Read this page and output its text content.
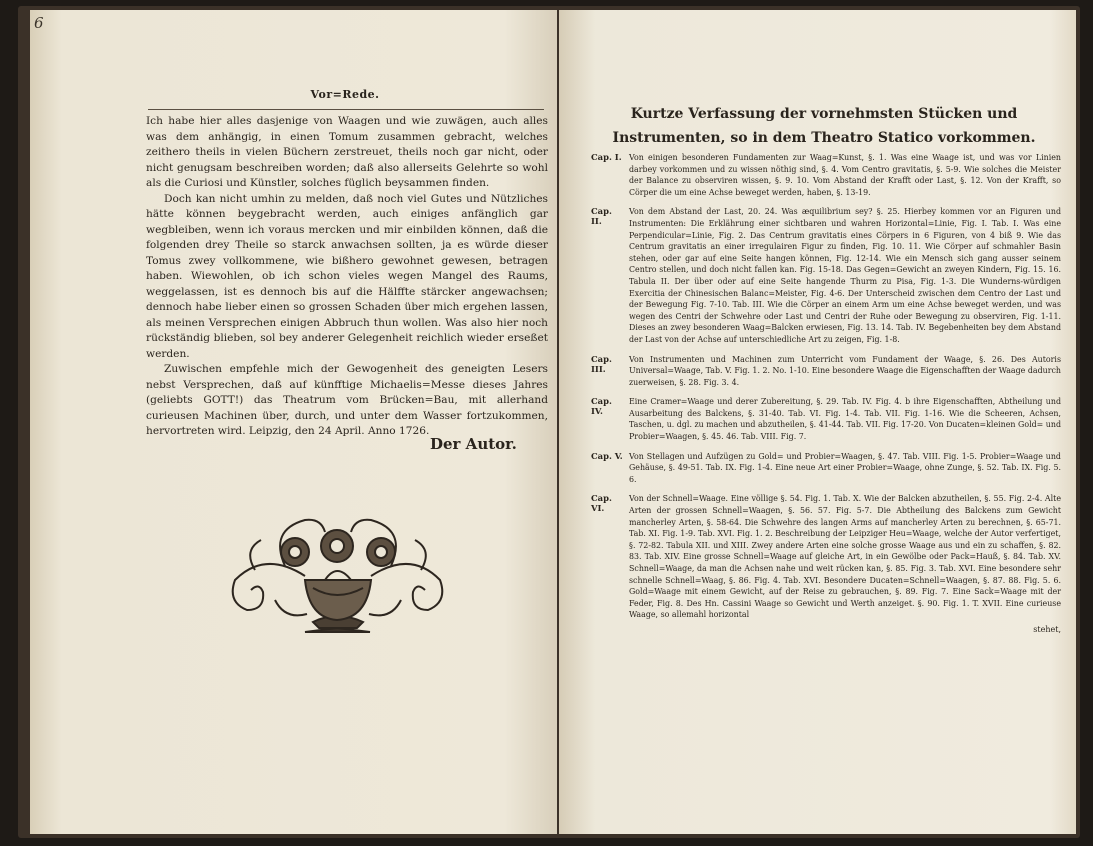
6
Vor=Rede.

Ich habe hier alles dasjenige von Waagen und wie zuwägen, auch alles was dem anhängig, in einen Tomum zusammen gebracht, welches zeithero theils in vielen Büchern zerstreuet, theils noch gar nicht, oder nicht genugsam beschreiben worden; daß also allerseits Gelehrte so wohl als die Curiosi und Künstler, solches füglich beysammen finden.

Doch kan nicht umhin zu melden, daß noch viel Gutes und Nützliches hätte können beygebracht werden, auch einiges anfänglich gar wegbleiben, wenn ich voraus mercken und mir einbilden können, daß die folgenden drey Theile so starck anwachsen sollten, ja es würde dieser Tomus zwey vollkommene, wie bißhero gewohnet gewesen, betragen haben. Wiewohlen, ob ich schon vieles wegen Mangel des Raums, weggelassen, ist es dennoch bis auf die Hälffte stärcker angewachsen; dennoch habe lieber einen so grossen Schaden über mich ergehen lassen, als meinen Versprechen einigen Abbruch thun wollen. Was also hier noch rückständig blieben, sol bey anderer Gelegenheit reichlich wieder erseßet werden.

Zuwischen empfehle mich der Gewogenheit des geneigten Lesers nebst Versprechen, daß auf künfftige Michaelis=Messe dieses Jahres (geliebts GOTT!) das Theatrum vom Brücken=Bau, mit allerhand curieusen Machinen über, durch, und unter dem Wasser fortzukommen, hervortreten wird. Leipzig, den 24 April. Anno 1726.

Der Autor.
Kurtze Verfassung der vornehmsten Stücken und Instrumenten, so in dem Theatro Statico vorkommen.
Cap. I. Von einigen besonderen Fundamenten zur Waag=Kunst, §. 1. Was eine Waage ist, und was vor Linien darbey vorkommen und zu wissen nöthig sind, §. 4. Vom Centro gravitatis, §. 5-9. Wie solches die Meister der Balance zu observiren wissen, §. 9. 10. Vom Abstand der Krafft oder Last, §. 12. Von der Krafft, so Cörper die um eine Achse beweget werden, haben, §. 13-19.
Cap. II.
Von dem Abstand der Last, 20. 24. Was æquilibrium sey? §. 25. Hierbey kommen vor an Figuren und Instrumenten: Die Erklährung einer sichtbaren und wahren Horizontal=Linie, Fig. I. Tab. I. Was eine Perpendicular=Linie, Fig. 2. Das Centrum gravitatis eines Cörpers in 6 Figuren, von 4 biß 9. Wie das Centrum gravitatis an einer irregulairen Figur zu finden, Fig. 10. 11. Wie Cörper auf schmahler Basin stehen, oder gar auf eine Seite hangen können, Fig. 12-14. Wie ein Mensch sich gang ausser seinem Centro stellen, und doch nicht fallen kan. Fig. 15-18. Das Gegen=Gewicht an zweyen Kindern, Fig. 15. 16. Tabula II. Der über oder auf eine Seite hangende Thurm zu Pisa, Fig. 1-3. Die Wunderns-würdigen Exercitia der Chinesischen Balanc=Meister, Fig. 4-6. Der Unterscheid zwischen dem Centro der Last und der Bewegung Fig. 7-10. Tab. III. Wie die Cörper an einem Arm um eine Achse beweget werden, und was wegen des Centri der Schwehre oder Last und Centri der Ruhe oder Bewegung zu observiren, Fig. 1-11. Dieses an zwey besonderen Waag=Balcken erwiesen, Fig. 13. 14. Tab. IV. Begebenheiten bey dem Abstand der Last von der Achse auf unterschiedliche Art zu zeigen, Fig. 1-8.
Cap. III.
Von Instrumenten und Machinen zum Unterricht vom Fundament der Waage, §. 26. Des Autoris Universal=Waage, Tab. V. Fig. 1. 2. No. 1-10. Eine besondere Waage die Eigenschafften der Waage dadurch zuerweisen, §. 28. Fig. 3. 4.
Cap. IV.
Eine Cramer=Waage und derer Zubereitung, §. 29. Tab. IV. Fig. 4. b ihre Eigenschafften, Abtheilung und Ausarbeitung des Balckens, §. 31-40. Tab. VI. Fig. 1-4. Tab. VII. Fig. 1-16. Wie die Scheeren, Achsen, Taschen, u. dgl. zu machen und abzutheilen, §. 41-44. Tab. VII. Fig. 17-20. Von Ducaten=kleinen Gold= und Probier=Waagen, §. 45. 46. Tab. VIII. Fig. 7.
Cap. V. Von Stellagen und Aufzügen zu Gold= und Probier=Waagen, §. 47. Tab. VIII. Fig. 1-5. Probier=Waage und Gehäuse, §. 49-51. Tab. IX. Fig. 1-4. Eine neue Art einer Probier=Waage, ohne Zunge, §. 52. Tab. IX. Fig. 5. 6.
Cap. VI.
Von der Schnell=Waage. Eine völlige §. 54. Fig. 1. Tab. X. Wie der Balcken abzutheilen, §. 55. Fig. 2-4. Alte Arten der grossen Schnell=Waagen, §. 56. 57. Fig. 5-7. Die Abtheilung des Balckens zum Gewicht mancherley Arten, §. 58-64. Die Schwehre des langen Arms auf mancherley Arten zu berechnen, §. 65-71. Tab. XI. Fig. 1-9. Tab. XVI. Fig. 1. 2. Beschreibung der Leipziger Heu=Waage, welche der Autor verfertiget, §. 72-82. Tabula XII. und XIII. Zwey andere Arten eine solche grosse Waage aus und ein zu schaffen, §. 82. 83. Tab. XIV. Eine grosse Schnell=Waage auf gleiche Art, in ein Gewölbe oder Pack=Hauß, §. 84. Tab. XV. Schnell=Waage, da man die Achsen nahe und weit rücken kan, §. 85. Fig. 3. Tab. XVI. Eine besondere sehr schnelle Schnell=Waag, §. 86. Fig. 4. Tab. XVI. Besondere Ducaten=Schnell=Waagen, §. 87. 88. Fig. 5. 6. Gold=Waage mit einem Gewicht, auf der Reise zu gebrauchen, §. 89. Fig. 7. Eine Sack=Waage mit der Feder, Fig. 8. Des Hn. Cassini Waage so Gewicht und Werth anzeiget. §. 90. Fig. 1. T. XVII. Eine curieuse Waage, so allemahl horizontal
stehet,
